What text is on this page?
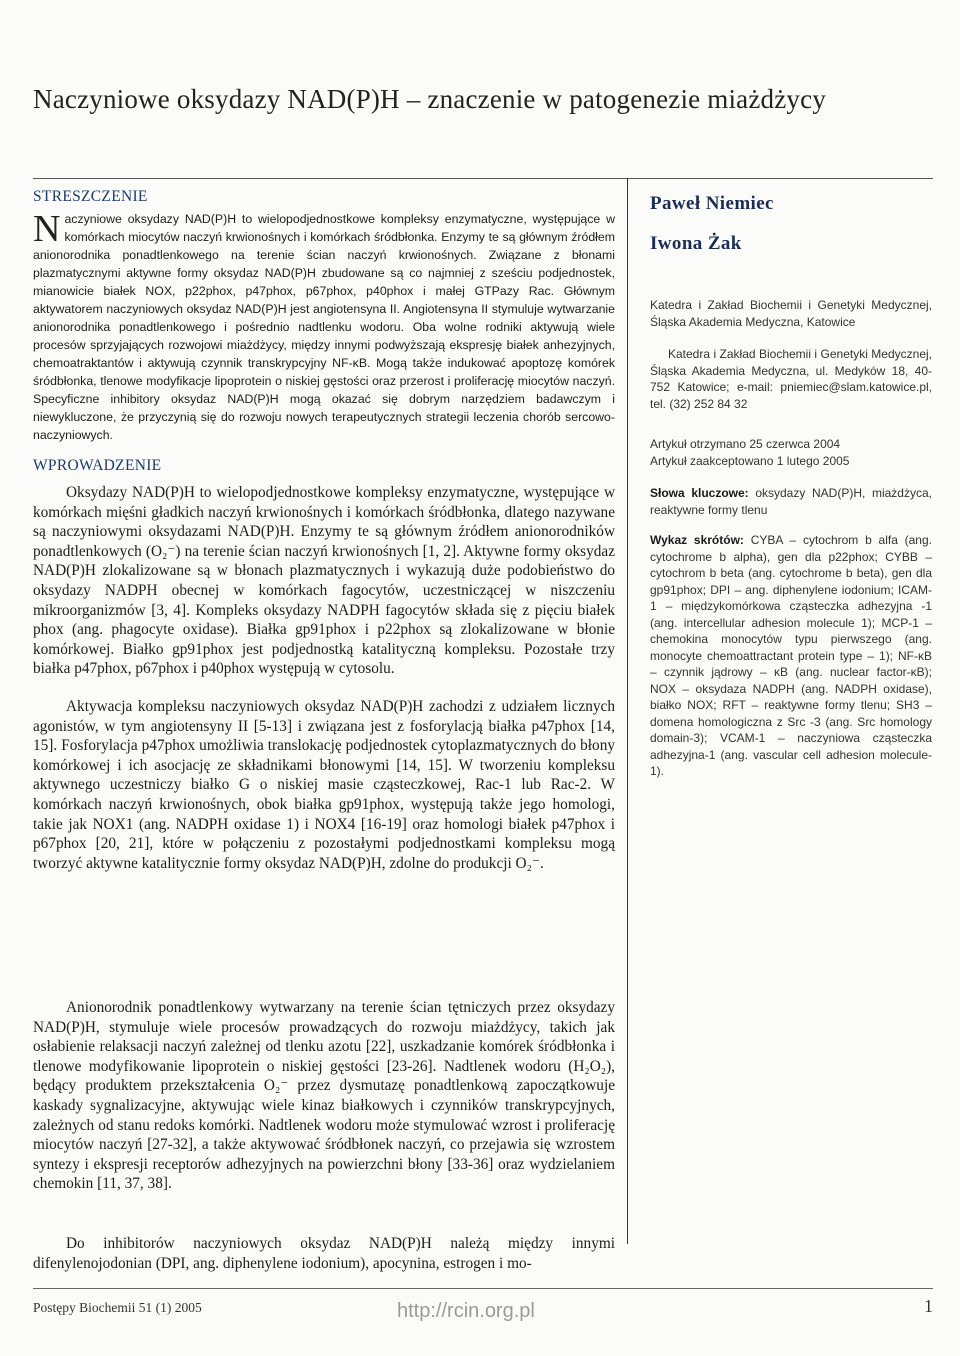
Naczyniowe oksydazy NAD(P)H – znaczenie w patogenezie miażdżycy
STRESZCZENIE

Naczyniowe oksydazy NAD(P)H to wielopodjednostkowe kompleksy enzymatyczne, występujące w komórkach miocytów naczyń krwionośnych i komórkach śródbłonka. Enzymy te są głównym źródłem anionorodnika ponadtlenkowego na terenie ścian naczyń krwionośnych. Związane z błonami plazmatycznymi aktywne formy oksydaz NAD(P)H zbudowane są co najmniej z sześciu podjednostek, mianowicie białek NOX, p22phox, p47phox, p67phox, p40phox i małej GTPazy Rac. Głównym aktywatorem naczyniowych oksydaz NAD(P)H jest angiotensyna II. Angiotensyna II stymuluje wytwarzanie anionorodnika ponadtlenkowego i pośrednio nadtlenku wodoru. Oba wolne rodniki aktywują wiele procesów sprzyjających rozwojowi miażdżycy, między innymi podwyższają ekspresję białek anhezyjnych, chemoatraktantów i aktywują czynnik transkrypcyjny NF-κB. Mogą także indukować apoptozę komórek śródbłonka, tlenowe modyfikacje lipoprotein o niskiej gęstości oraz przerost i proliferację miocytów naczyń. Specyficzne inhibitory oksydaz NAD(P)H mogą okazać się dobrym narzędziem badawczym i niewykluczone, że przyczynią się do rozwoju nowych terapeutycznych strategii leczenia chorób sercowo-naczyniowych.

WPROWADZENIE

Oksydazy NAD(P)H to wielopodjednostkowe kompleksy enzymatyczne, występujące w komórkach mięśni gładkich naczyń krwionośnych i komórkach śródbłonka, dlatego nazywane są naczyniowymi oksydazami NAD(P)H. Enzymy te są głównym źródłem anionorodników ponadtlenkowych (O₂⁻) na terenie ścian naczyń krwionośnych [1, 2]. Aktywne formy oksydaz NAD(P)H zlokalizowane są w błonach plazmatycznych i wykazują duże podobieństwo do oksydazy NADPH obecnej w komórkach fagocytów, uczestniczącej w niszczeniu mikroorganizmów [3, 4]. Kompleks oksydazy NADPH fagocytów składa się z pięciu białek phox (ang. phagocyte oxidase). Białka gp91phox i p22phox są zlokalizowane w błonie komórkowej. Białko gp91phox jest podjednostką katalityczną kompleksu. Pozostałe trzy białka p47phox, p67phox i p40phox występują w cytosolu.

Aktywacja kompleksu naczyniowych oksydaz NAD(P)H zachodzi z udziałem licznych agonistów, w tym angiotensyny II [5-13] i związana jest z fosforylacją białka p47phox [14, 15]. Fosforylacja p47phox umożliwia translokację podjednostek cytoplazmatycznych do błony komórkowej i ich asocjację ze składnikami błonowymi [14, 15]. W tworzeniu kompleksu aktywnego uczestniczy białko G o niskiej masie cząsteczkowej, Rac-1 lub Rac-2. W komórkach naczyń krwionośnych, obok białka gp91phox, występują także jego homologi, takie jak NOX1 (ang. NADPH oxidase 1) i NOX4 [16-19] oraz homologi białek p47phox i p67phox [20, 21], które w połączeniu z pozostałymi podjednostkami kompleksu mogą tworzyć aktywne katalitycznie formy oksydaz NAD(P)H, zdolne do produkcji O₂⁻.

Anionorodnik ponadtlenkowy wytwarzany na terenie ścian tętniczych przez oksydazy NAD(P)H, stymuluje wiele procesów prowadzących do rozwoju miażdżycy, takich jak osłabienie relaksacji naczyń zależnej od tlenku azotu [22], uszkadzanie komórek śródbłonka i tlenowe modyfikowanie lipoprotein o niskiej gęstości [23-26]. Nadtlenek wodoru (H₂O₂), będący produktem przekształcenia O₂⁻ przez dysmutazę ponadtlenkową zapoczątkowuje kaskady sygnalizacyjne, aktywując wiele kinaz białkowych i czynników transkrypcyjnych, zależnych od stanu redoks komórki. Nadtlenek wodoru może stymulować wzrost i proliferację miocytów naczyń [27-32], a także aktywować śródbłonek naczyń, co przejawia się wzrostem syntezy i ekspresji receptorów adhezyjnych na powierzchni błony [33-36] oraz wydzielaniem chemokin [11, 37, 38].

Do inhibitorów naczyniowych oksydaz NAD(P)H należą między innymi difenylenojodonian (DPI, ang. diphenylene iodonium), apocynina, estrogen i mo-

Paweł Niemiec

Iwona Żak

Katedra i Zakład Biochemii i Genetyki Medycznej, Śląska Akademia Medyczna, Katowice

Katedra i Zakład Biochemii i Genetyki Medycznej, Śląska Akademia Medyczna, ul. Medyków 18, 40-752 Katowice; e-mail: pniemiec@slam.katowice.pl, tel. (32) 252 84 32

Artykuł otrzymano 25 czerwca 2004

Artykuł zaakceptowano 1 lutego 2005

Słowa kluczowe: oksydazy NAD(P)H, miażdżyca, reaktywne formy tlenu

Wykaz skrótów: CYBA – cytochrom b alfa (ang. cytochrome b alpha), gen dla p22phox; CYBB – cytochrom b beta (ang. cytochrome b beta), gen dla gp91phox; DPI – ang. diphenylene iodonium; ICAM-1 – międzykomórkowa cząsteczka adhezyjna -1 (ang. intercellular adhesion molecule 1); MCP-1 – chemokina monocytów typu pierwszego (ang. monocyte chemoattractant protein type – 1); NF-κB – czynnik jądrowy – κB (ang. nuclear factor-κB); NOX – oksydaza NADPH (ang. NADPH oxidase), białko NOX; RFT – reaktywne formy tlenu; SH3 – domena homologiczna z Src -3 (ang. Src homology domain-3); VCAM-1 – naczyniowa cząsteczka adhezyjna-1 (ang. vascular cell adhesion molecule-1).

Postępy Biochemii 51 (1) 2005	http://rcin.org.pl	1
